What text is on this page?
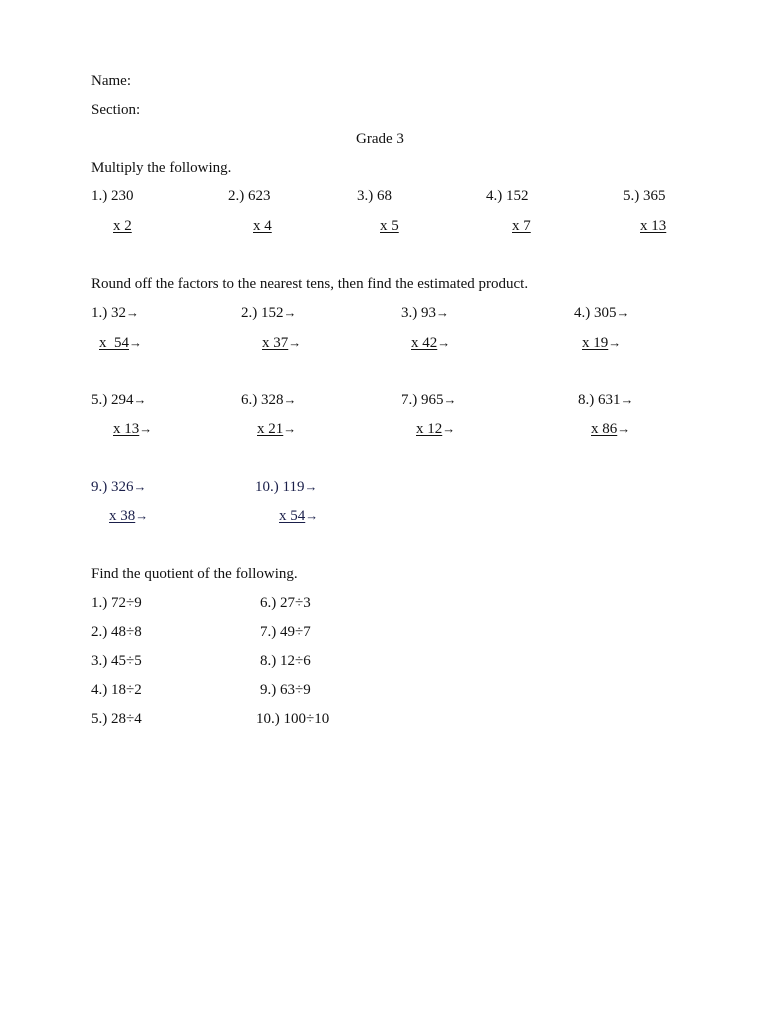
Name:
Section:
Grade 3
Multiply the following.
1.) 230	2.) 623	3.) 68	4.) 152	5.) 365
x 2	x 4	x 5	x 7	x 13
Round off the factors to the nearest tens, then find the estimated product.
1.) 32→	2.) 152→	3.) 93→	4.) 305→
x  54→	x 37→	x 42→	x 19→
5.) 294→	6.) 328→	7.) 965→	8.) 631→
x 13→	x 21→	x 12→	x 86→
9.) 326→	10.) 119→
x 38→	x 54→
Find the quotient of the following.
1.) 72÷9
2.) 48÷8
3.) 45÷5
4.) 18÷2
5.) 28÷4
6.) 27÷3
7.) 49÷7
8.) 12÷6
9.) 63÷9
10.) 100÷10
